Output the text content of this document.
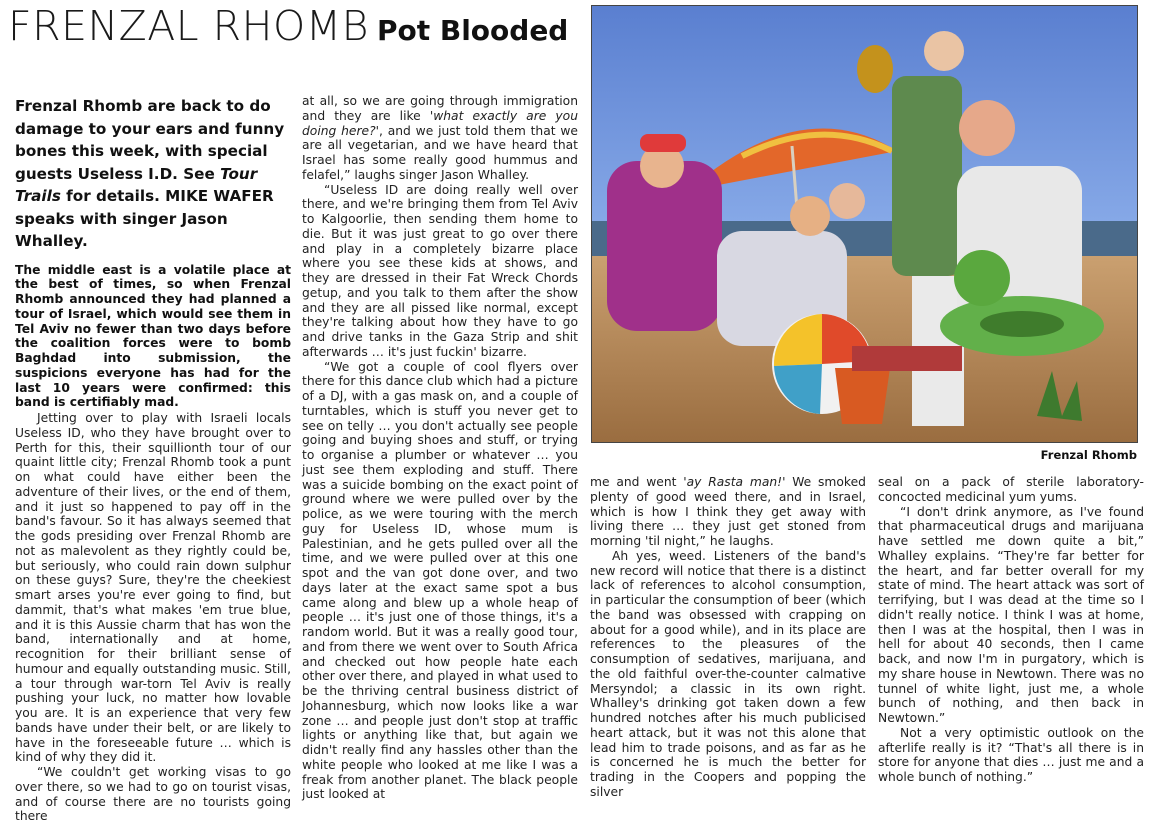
FRENZAL RHOMB Pot Blooded

Frenzal Rhomb are back to do damage to your ears and funny bones this week, with special guests Useless I.D. See Tour Trails for details. MIKE WAFER speaks with singer Jason Whalley.

The middle east is a volatile place at the best of times, so when Frenzal Rhomb announced they had planned a tour of Israel, which would see them in Tel Aviv no fewer than two days before the coalition forces were to bomb Baghdad into submission, the suspicions everyone has had for the last 10 years were confirmed: this band is certifiably mad.

Jetting over to play with Israeli locals Useless ID, who they have brought over to Perth for this, their squillionth tour of our quaint little city; Frenzal Rhomb took a punt on what could have either been the adventure of their lives, or the end of them, and it just so happened to pay off in the band's favour. So it has always seemed that the gods presiding over Frenzal Rhomb are not as malevolent as they rightly could be, but seriously, who could rain down sulphur on these guys? Sure, they're the cheekiest smart arses you're ever going to find, but dammit, that's what makes 'em true blue, and it is this Aussie charm that has won the band, internationally and at home, recognition for their brilliant sense of humour and equally outstanding music. Still, a tour through war-torn Tel Aviv is really pushing your luck, no matter how lovable you are. It is an experience that very few bands have under their belt, or are likely to have in the foreseeable future … which is kind of why they did it.

“We couldn't get working visas to go over there, so we had to go on tourist visas, and of course there are no tourists going there

at all, so we are going through immigration and they are like 'what exactly are you doing here?', and we just told them that we are all vegetarian, and we have heard that Israel has some really good hummus and felafel,” laughs singer Jason Whalley.

“Useless ID are doing really well over there, and we're bringing them from Tel Aviv to Kalgoorlie, then sending them home to die. But it was just great to go over there and play in a completely bizarre place where you see these kids at shows, and they are dressed in their Fat Wreck Chords getup, and you talk to them after the show and they are all pissed like normal, except they're talking about how they have to go and drive tanks in the Gaza Strip and shit afterwards … it's just fuckin' bizarre.

“We got a couple of cool flyers over there for this dance club which had a picture of a DJ, with a gas mask on, and a couple of turntables, which is stuff you never get to see on telly … you don't actually see people going and buying shoes and stuff, or trying to organise a plumber or whatever … you just see them exploding and stuff. There was a suicide bombing on the exact point of ground where we were pulled over by the police, as we were touring with the merch guy for Useless ID, whose mum is Palestinian, and he gets pulled over all the time, and we were pulled over at this one spot and the van got done over, and two days later at the exact same spot a bus came along and blew up a whole heap of people … it's just one of those things, it's a random world. But it was a really good tour, and from there we went over to South Africa and checked out how people hate each other over there, and played in what used to be the thriving central business district of Johannesburg, which now looks like a war zone … and people just don't stop at traffic lights or anything like that, but again we didn't really find any hassles other than the white people who looked at me like I was a freak from another planet. The black people just looked at

Frenzal Rhomb

me and went 'ay Rasta man!' We smoked plenty of good weed there, and in Israel, which is how I think they get away with living there … they just get stoned from morning 'til night,” he laughs.

Ah yes, weed. Listeners of the band's new record will notice that there is a distinct lack of references to alcohol consumption, in particular the consumption of beer (which the band was obsessed with crapping on about for a good while), and in its place are references to the pleasures of the consumption of sedatives, marijuana, and the old faithful over-the-counter calmative Mersyndol; a classic in its own right. Whalley's drinking got taken down a few hundred notches after his much publicised heart attack, but it was not this alone that lead him to trade poisons, and as far as he is concerned he is much the better for trading in the Coopers and popping the silver

seal on a pack of sterile laboratory-concocted medicinal yum yums.

“I don't drink anymore, as I've found that pharmaceutical drugs and marijuana have settled me down quite a bit,” Whalley explains. “They're far better for the heart, and far better overall for my state of mind. The heart attack was sort of terrifying, but I was dead at the time so I didn't really notice. I think I was at home, then I was at the hospital, then I was in hell for about 40 seconds, then I came back, and now I'm in purgatory, which is my share house in Newtown. There was no tunnel of white light, just me, a whole bunch of nothing, and then back in Newtown.”

Not a very optimistic outlook on the afterlife really is it? “That's all there is in store for anyone that dies … just me and a whole bunch of nothing.”
